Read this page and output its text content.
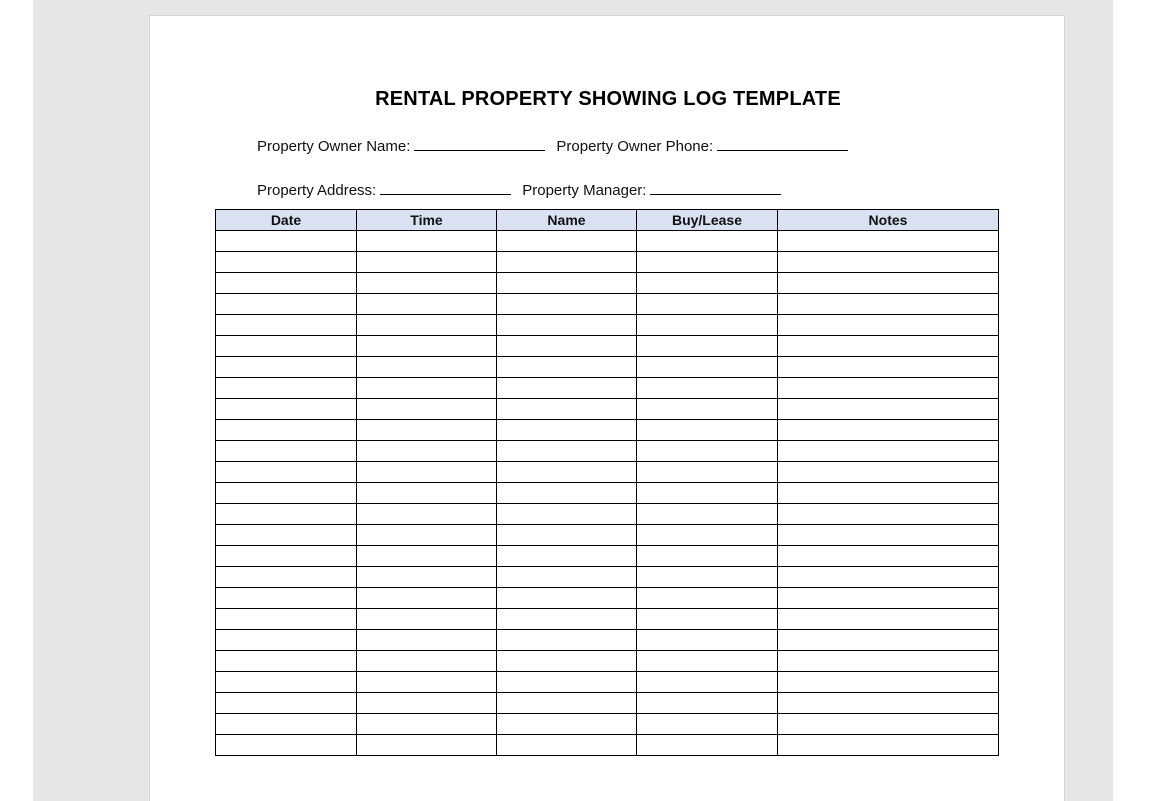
RENTAL PROPERTY SHOWING LOG TEMPLATE
Property Owner Name:	Property Owner Phone:
Property Address:	Property Manager:
Date	Time	Name	Buy/Lease	Notes
